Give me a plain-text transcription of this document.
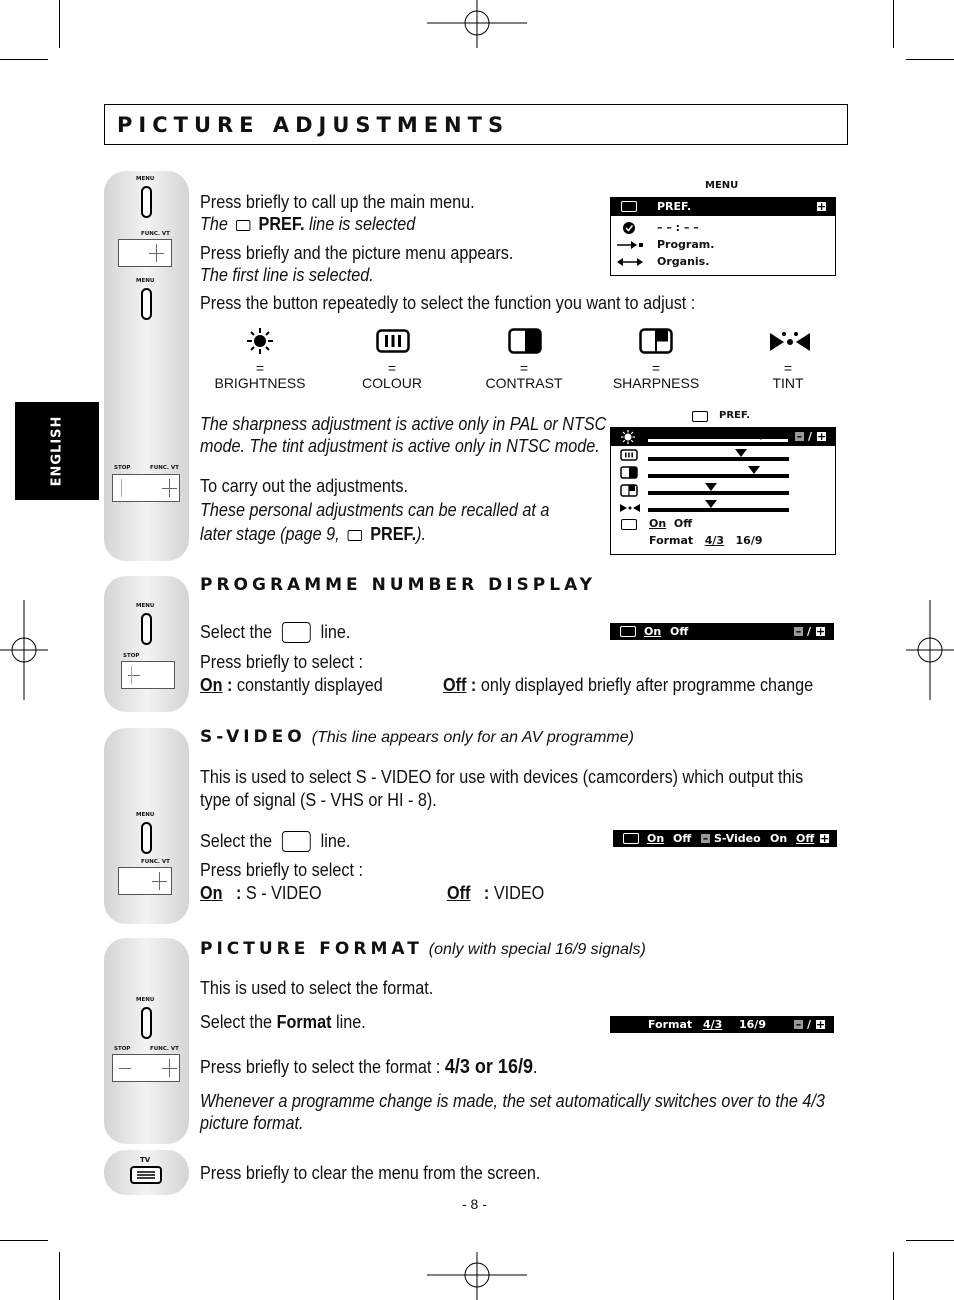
PICTURE ADJUSTMENTS
ENGLISH
MENU
FUNC. VT
MENU
STOP	FUNC. VT
Press briefly to call up the main menu.
The PREF. line is selected
Press briefly and the picture menu appears.
The first line is selected.
Press the button repeatedly to select the function you want to adjust :
MENU
PREF.	+
– – : – –
Program.
Organis.
=
BRIGHTNESS
=
COLOUR
=
CONTRAST
=
SHARPNESS
=
TINT
The sharpness adjustment is active only in PAL or NTSC
mode. The tint adjustment is active only in NTSC mode.
To carry out the adjustments.
These personal adjustments can be recalled at a
later stage (page 9, PREF.).
PREF.
– / +
On Off
Format 4/3 16/9
MENU
STOP
PROGRAMME NUMBER DISPLAY
Select the	line.
Press briefly to select :
On : constantly displayed	Off : only displayed briefly after programme change
On Off	– / +
MENU
FUNC. VT
S-VIDEO (This line appears only for an AV programme)
This is used to select S - VIDEO for use with devices (camcorders) which output this
type of signal (S - VHS or HI - 8).
Select the	line.
Press briefly to select :
On : S - VIDEO	Off : VIDEO
On Off – S-Video On Off +
MENU
STOP	FUNC. VT
PICTURE FORMAT (only with special 16/9 signals)
This is used to select the format.
Select the Format line.
Press briefly to select the format : 4/3 or 16/9.
Whenever a programme change is made, the set automatically switches over to the 4/3
picture format.
Format 4/3 16/9	– / +
TV
Press briefly to clear the menu from the screen.
- 8 -
